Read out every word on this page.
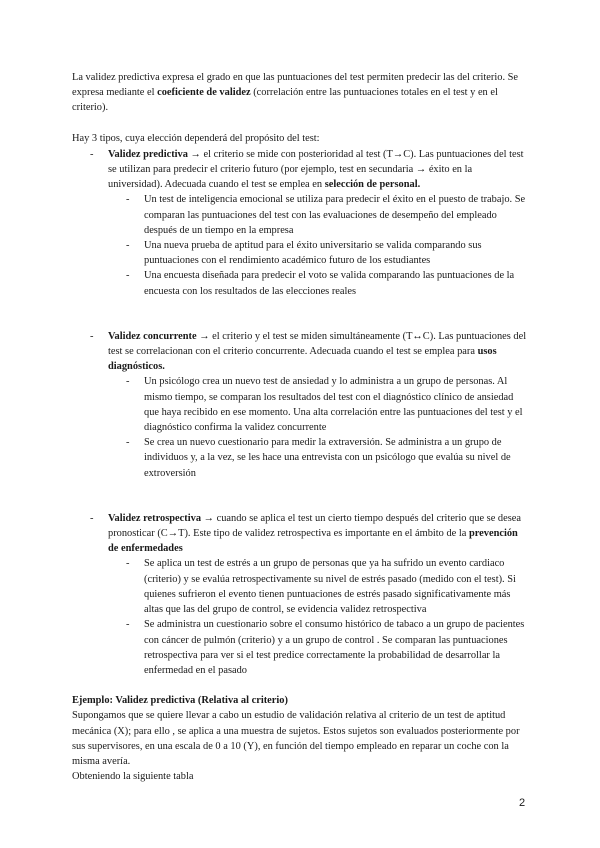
La validez predictiva expresa el grado en que las puntuaciones del test permiten predecir las del criterio. Se expresa mediante el coeficiente de validez (correlación entre las puntuaciones totales en el test y en el criterio).

Hay 3 tipos, cuya elección dependerá del propósito del test:

- Validez predictiva → el criterio se mide con posterioridad al test (T→C). Las puntuaciones del test se utilizan para predecir el criterio futuro (por ejemplo, test en secundaria → éxito en la universidad). Adecuada cuando el test se emplea en selección de personal.
- Un test de inteligencia emocional se utiliza para predecir el éxito en el puesto de trabajo. Se comparan las puntuaciones del test con las evaluaciones de desempeño del empleado después de un tiempo en la empresa
- Una nueva prueba de aptitud para el éxito universitario se valida comparando sus puntuaciones con el rendimiento académico futuro de los estudiantes
- Una encuesta diseñada para predecir el voto se valida comparando las puntuaciones de la encuesta con los resultados de las elecciones reales
- Validez concurrente → el criterio y el test se miden simultáneamente (T↔C). Las puntuaciones del test se correlacionan con el criterio concurrente. Adecuada cuando el test se emplea para usos diagnósticos.
- Un psicólogo crea un nuevo test de ansiedad y lo administra a un grupo de personas. Al mismo tiempo, se comparan los resultados del test con el diagnóstico clínico de ansiedad que haya recibido en ese momento. Una alta correlación entre las puntuaciones del test y el diagnóstico confirma la validez concurrente
- Se crea un nuevo cuestionario para medir la extraversión. Se administra a un grupo de individuos y, a la vez, se les hace una entrevista con un psicólogo que evalúa su nivel de extroversión
- Validez retrospectiva → cuando se aplica el test un cierto tiempo después del criterio que se desea pronosticar (C→T). Este tipo de validez retrospectiva es importante en el ámbito de la prevención de enfermedades
- Se aplica un test de estrés a un grupo de personas que ya ha sufrido un evento cardiaco (criterio) y se evalúa retrospectivamente su nivel de estrés pasado (medido con el test). Si quienes sufrieron el evento tienen puntuaciones de estrés pasado significativamente más altas que las del grupo de control, se evidencia validez retrospectiva
- Se administra un cuestionario sobre el consumo histórico de tabaco a un grupo de pacientes con cáncer de pulmón (criterio) y a un grupo de control . Se comparan las puntuaciones retrospectiva para ver si el test predice correctamente la probabilidad de desarrollar la enfermedad en el pasado

Ejemplo: Validez predictiva (Relativa al criterio)

Supongamos que se quiere llevar a cabo un estudio de validación relativa al criterio de un test de aptitud mecánica (X); para ello , se aplica a una muestra de sujetos. Estos sujetos son evaluados posteriormente por sus supervisores, en una escala de 0 a 10 (Y), en función del tiempo empleado en reparar un coche con la misma avería.

Obteniendo la siguiente tabla

2
